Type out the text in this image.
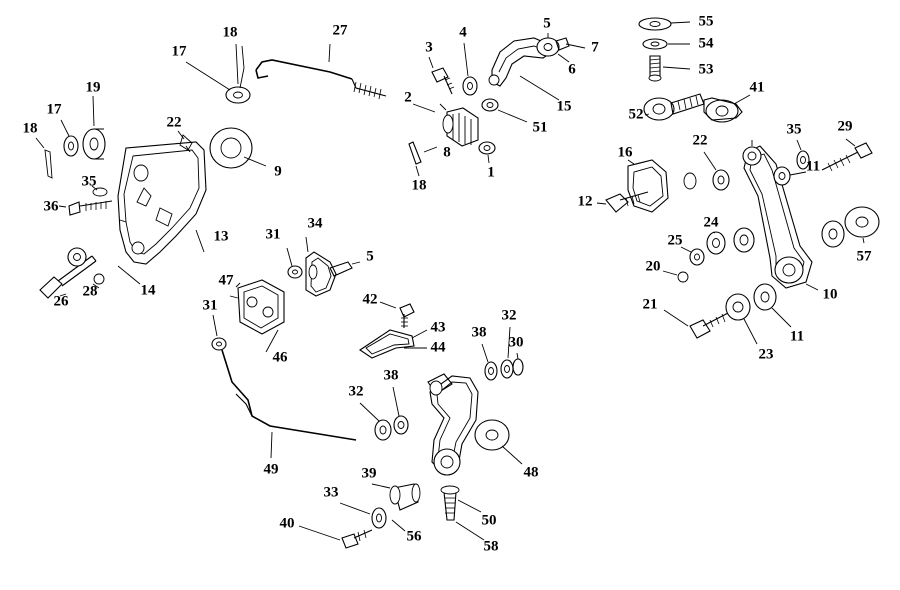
17
18	27
3
4
5
7
6
55
54
53
41
52
15
2
51
19
17
18	22
9
8
18
1
22
35 29
11
16
12
24
25
20
57
10
35
36
13 31
34
5
47
42
26
28	14
31
46
43
44
38
32
30
21
23
11
32
38
48
49	39
33
40
56
50
58
